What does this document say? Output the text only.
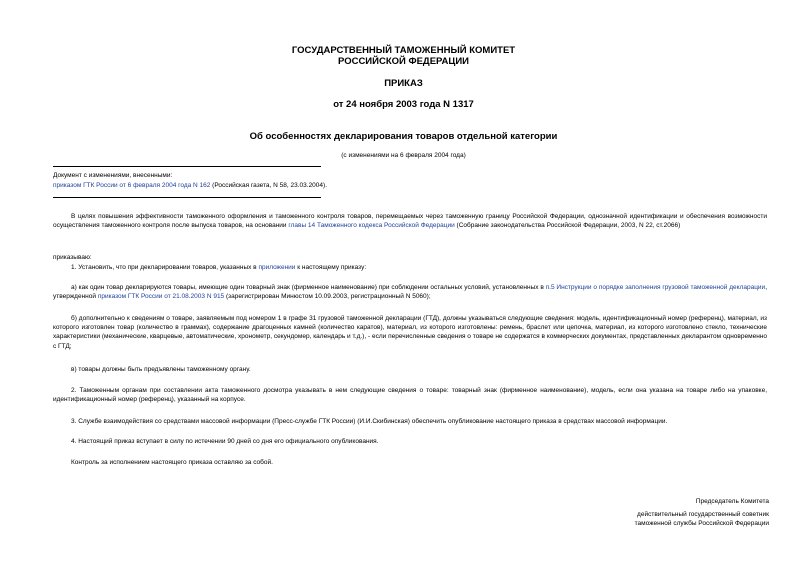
ГОСУДАРСТВЕННЫЙ ТАМОЖЕННЫЙ КОМИТЕТ
РОССИЙСКОЙ ФЕДЕРАЦИИ
ПРИКАЗ
от 24 ноября 2003 года N 1317
Об особенностях декларирования товаров отдельной категории
(с изменениями на 6 февраля 2004 года)
Документ с изменениями, внесенными:
приказом ГТК России от 6 февраля 2004 года N 162 (Российская газета, N 58, 23.03.2004).
В целях повышения эффективности таможенного оформления и таможенного контроля товаров, перемещаемых через таможенную границу Российской Федерации, однозначной идентификации и обеспечения возможности осуществления таможенного контроля после выпуска товаров, на основании главы 14 Таможенного кодекса Российской Федерации (Собрание законодательства Российской Федерации, 2003, N 22, ст.2066)
приказываю:
1. Установить, что при декларировании товаров, указанных в приложении к настоящему приказу:
а) как один товар декларируются товары, имеющие один товарный знак (фирменное наименование) при соблюдении остальных условий, установленных в п.5 Инструкции о порядке заполнения грузовой таможенной декларации, утвержденной приказом ГТК России от 21.08.2003 N 915 (зарегистрирован Минюстом 10.09.2003, регистрационный N 5060);
б) дополнительно к сведениям о товаре, заявляемым под номером 1 в графе 31 грузовой таможенной декларации (ГТД), должны указываться следующие сведения: модель, идентификационный номер (референц), материал, из которого изготовлен товар (количество в граммах), содержание драгоценных камней (количество каратов), материал, из которого изготовлены: ремень, браслет или цепочка, материал, из которого изготовлено стекло, технические характеристики (механические, кварцевые, автоматические, хронометр, секундомер, календарь и т.д.), - если перечисленные сведения о товаре не содержатся в коммерческих документах, представленных декларантом одновременно с ГТД;
в) товары должны быть предъявлены таможенному органу.
2. Таможенным органам при составлении акта таможенного досмотра указывать в нем следующие сведения о товаре: товарный знак (фирменное наименование), модель, если она указана на товаре либо на упаковке, идентификационный номер (референц), указанный на корпусе.
3. Службе взаимодействия со средствами массовой информации (Пресс-службе ГТК России) (И.И.Скибинская) обеспечить опубликование настоящего приказа в средствах массовой информации.
4. Настоящий приказ вступает в силу по истечении 90 дней со дня его официального опубликования.
Контроль за исполнением настоящего приказа оставляю за собой.
Председатель Комитета
действительный государственный советник
таможенной службы Российской Федерации
